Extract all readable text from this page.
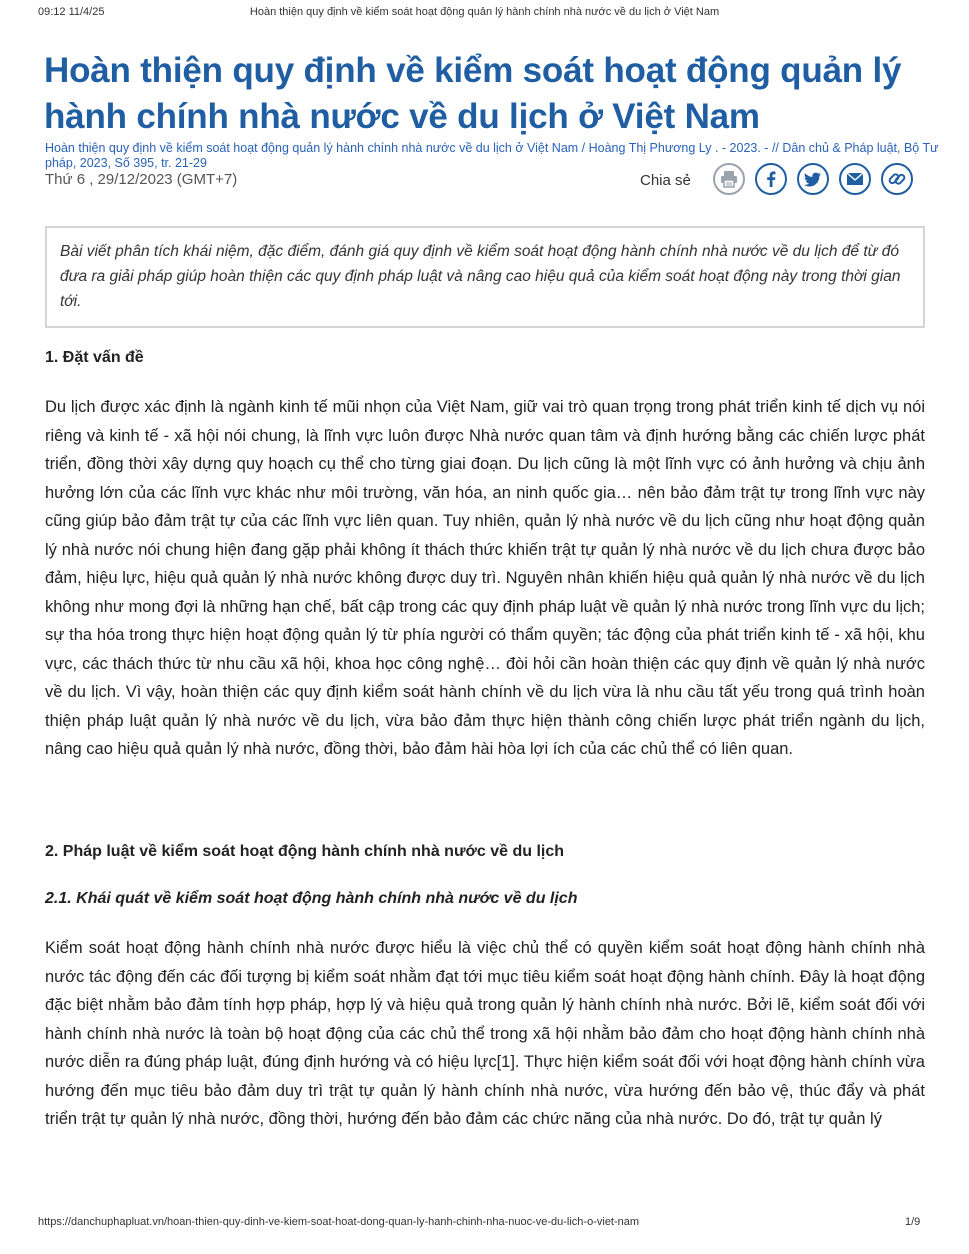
09:12 11/4/25	Hoàn thiện quy định về kiểm soát hoạt động quản lý hành chính nhà nước về du lịch ở Việt Nam
Hoàn thiện quy định về kiểm soát hoạt động quản lý hành chính nhà nước về du lịch ở Việt Nam
Hoàn thiện quy định về kiểm soát hoạt động quản lý hành chính nhà nước về du lịch ở Việt Nam / Hoàng Thị Phương Ly . - 2023. - // Dân chủ & Pháp luật, Bộ Tư pháp, 2023, Số 395, tr. 21-29
Thứ 6 , 29/12/2023 (GMT+7)	Chia sẻ
Bài viết phân tích khái niệm, đặc điểm, đánh giá quy định về kiểm soát hoạt động hành chính nhà nước về du lịch để từ đó đưa ra giải pháp giúp hoàn thiện các quy định pháp luật và nâng cao hiệu quả của kiểm soát hoạt động này trong thời gian tới.
1. Đặt vấn đề

Du lịch được xác định là ngành kinh tế mũi nhọn của Việt Nam, giữ vai trò quan trọng trong phát triển kinh tế dịch vụ nói riêng và kinh tế - xã hội nói chung, là lĩnh vực luôn được Nhà nước quan tâm và định hướng bằng các chiến lược phát triển, đồng thời xây dựng quy hoạch cụ thể cho từng giai đoạn. Du lịch cũng là một lĩnh vực có ảnh hưởng và chịu ảnh hưởng lớn của các lĩnh vực khác như môi trường, văn hóa, an ninh quốc gia… nên bảo đảm trật tự trong lĩnh vực này cũng giúp bảo đảm trật tự của các lĩnh vực liên quan. Tuy nhiên, quản lý nhà nước về du lịch cũng như hoạt động quản lý nhà nước nói chung hiện đang gặp phải không ít thách thức khiến trật tự quản lý nhà nước về du lịch chưa được bảo đảm, hiệu lực, hiệu quả quản lý nhà nước không được duy trì. Nguyên nhân khiến hiệu quả quản lý nhà nước về du lịch không như mong đợi là những hạn chế, bất cập trong các quy định pháp luật về quản lý nhà nước trong lĩnh vực du lịch; sự tha hóa trong thực hiện hoạt động quản lý từ phía người có thẩm quyền; tác động của phát triển kinh tế - xã hội, khu vực, các thách thức từ nhu cầu xã hội, khoa học công nghệ… đòi hỏi cần hoàn thiện các quy định về quản lý nhà nước về du lịch. Vì vậy, hoàn thiện các quy định kiểm soát hành chính về du lịch vừa là nhu cầu tất yếu trong quá trình hoàn thiện pháp luật quản lý nhà nước về du lịch, vừa bảo đảm thực hiện thành công chiến lược phát triển ngành du lịch, nâng cao hiệu quả quản lý nhà nước, đồng thời, bảo đảm hài hòa lợi ích của các chủ thể có liên quan.

2. Pháp luật về kiểm soát hoạt động hành chính nhà nước về du lịch
2.1. Khái quát về kiểm soát hoạt động hành chính nhà nước về du lịch

Kiểm soát hoạt động hành chính nhà nước được hiểu là việc chủ thể có quyền kiểm soát hoạt động hành chính nhà nước tác động đến các đối tượng bị kiểm soát nhằm đạt tới mục tiêu kiểm soát hoạt động hành chính. Đây là hoạt động đặc biệt nhằm bảo đảm tính hợp pháp, hợp lý và hiệu quả trong quản lý hành chính nhà nước. Bởi lẽ, kiểm soát đối với hành chính nhà nước là toàn bộ hoạt động của các chủ thể trong xã hội nhằm bảo đảm cho hoạt động hành chính nhà nước diễn ra đúng pháp luật, đúng định hướng và có hiệu lực[1]. Thực hiện kiểm soát đối với hoạt động hành chính vừa hướng đến mục tiêu bảo đảm duy trì trật tự quản lý hành chính nhà nước, vừa hướng đến bảo vệ, thúc đẩy và phát triển trật tự quản lý nhà nước, đồng thời, hướng đến bảo đảm các chức năng của nhà nước. Do đó, trật tự quản lý

https://danchuphapluat.vn/hoan-thien-quy-dinh-ve-kiem-soat-hoat-dong-quan-ly-hanh-chinh-nha-nuoc-ve-du-lich-o-viet-nam	1/9
